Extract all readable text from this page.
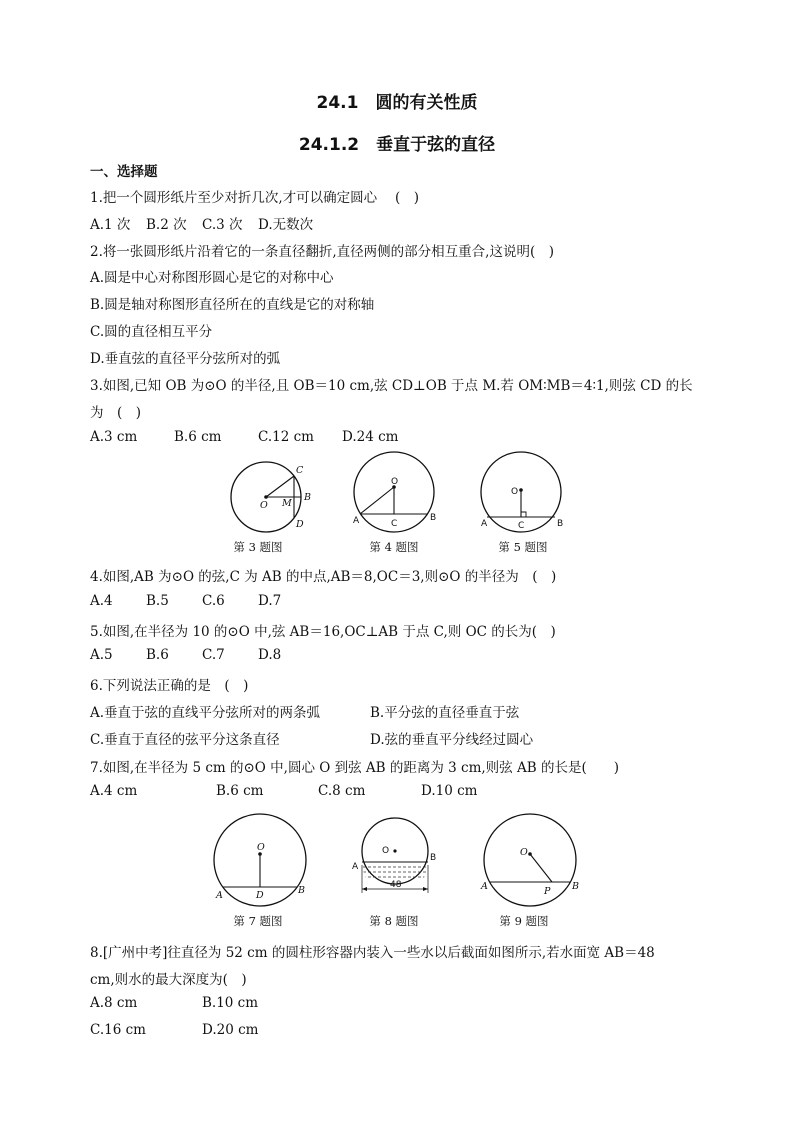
24.1　圆的有关性质
24.1.2　垂直于弦的直径
一、选择题
1.把一个圆形纸片至少对折几次,才可以确定圆心　 (　)
A.1 次 B.2 次 C.3 次 D.无数次
2.将一张圆形纸片沿着它的一条直径翻折,直径两侧的部分相互重合,这说明(　)
A.圆是中心对称图形圆心是它的对称中心
B.圆是轴对称图形直径所在的直线是它的对称轴
C.圆的直径相互平分
D.垂直弦的直径平分弦所对的弧
3.如图,已知 OB 为⊙O 的半径,且 OB＝10 cm,弦 CD⊥OB 于点 M.若 OM∶MB＝4∶1,则弦 CD 的长
为　(　)
A.3 cm	B.6 cm	C.12 cm D.24 cm
O M
B
C
D
第 3 题图
O
A	B
C
第 4 题图
O
A	B
C
第 5 题图
4.如图,AB 为⊙O 的弦,C 为 AB 的中点,AB＝8,OC＝3,则⊙O 的半径为　(　)
A.4 B.5 C.6 D.7
5.如图,在半径为 10 的⊙O 中,弦 AB＝16,OC⊥AB 于点 C,则 OC 的长为(　)
A.5 B.6 C.7 D.8
6.下列说法正确的是　(　)
A.垂直于弦的直线平分弦所对的两条弧	B.平分弦的直径垂直于弦
C.垂直于直径的弦平分这条直径	D.弦的垂直平分线经过圆心
7.如图,在半径为 5 cm 的⊙O 中,圆心 O 到弦 AB 的距离为 3 cm,则弦 AB 的长是(　　)
A.4 cm	B.6 cm	C.8 cm	D.10 cm
O
A	B
D
第 7 题图
O
A
B
48
第 8 题图
O
A	B
P
第 9 题图
8.[广州中考]往直径为 52 cm 的圆柱形容器内装入一些水以后截面如图所示,若水面宽 AB＝48
cm,则水的最大深度为(　)
A.8 cm	B.10 cm
C.16 cm	D.20 cm
